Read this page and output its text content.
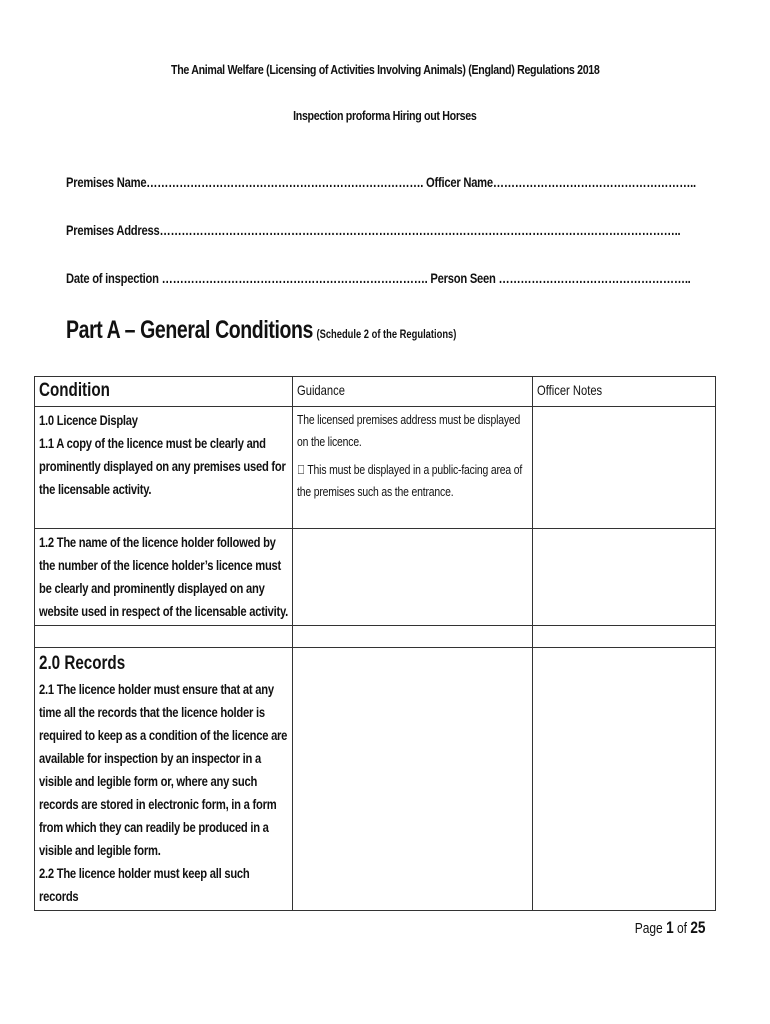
The Animal Welfare (Licensing of Activities Involving Animals) (England) Regulations 2018
Inspection proforma Hiring out Horses
Premises Name…………………………………………………………………. Officer Name………………………………………………..
Premises Address……………………………………………………………………………………………………………………………..
Date of inspection ………………………………………………………………. Person Seen ……………………………………………..
Part A – General Conditions (Schedule 2 of the Regulations)
Condition	Guidance	Officer Notes

1.0 Licence Display
1.1 A copy of the licence must be clearly and prominently displayed on any premises used for the licensable activity.	The licensed premises address must be displayed on the licence. This must be displayed in a public-facing area of the premises such as the entrance.	

1.2 The name of the licence holder followed by the number of the licence holder’s licence must be clearly and prominently displayed on any website used in respect of the licensable activity.		

2.0 Records
2.1 The licence holder must ensure that at any time all the records that the licence holder is required to keep as a condition of the licence are available for inspection by an inspector in a visible and legible form or, where any such records are stored in electronic form, in a form from which they can readily be produced in a visible and legible form.
2.2 The licence holder must keep all such records		

Page 1 of 25
